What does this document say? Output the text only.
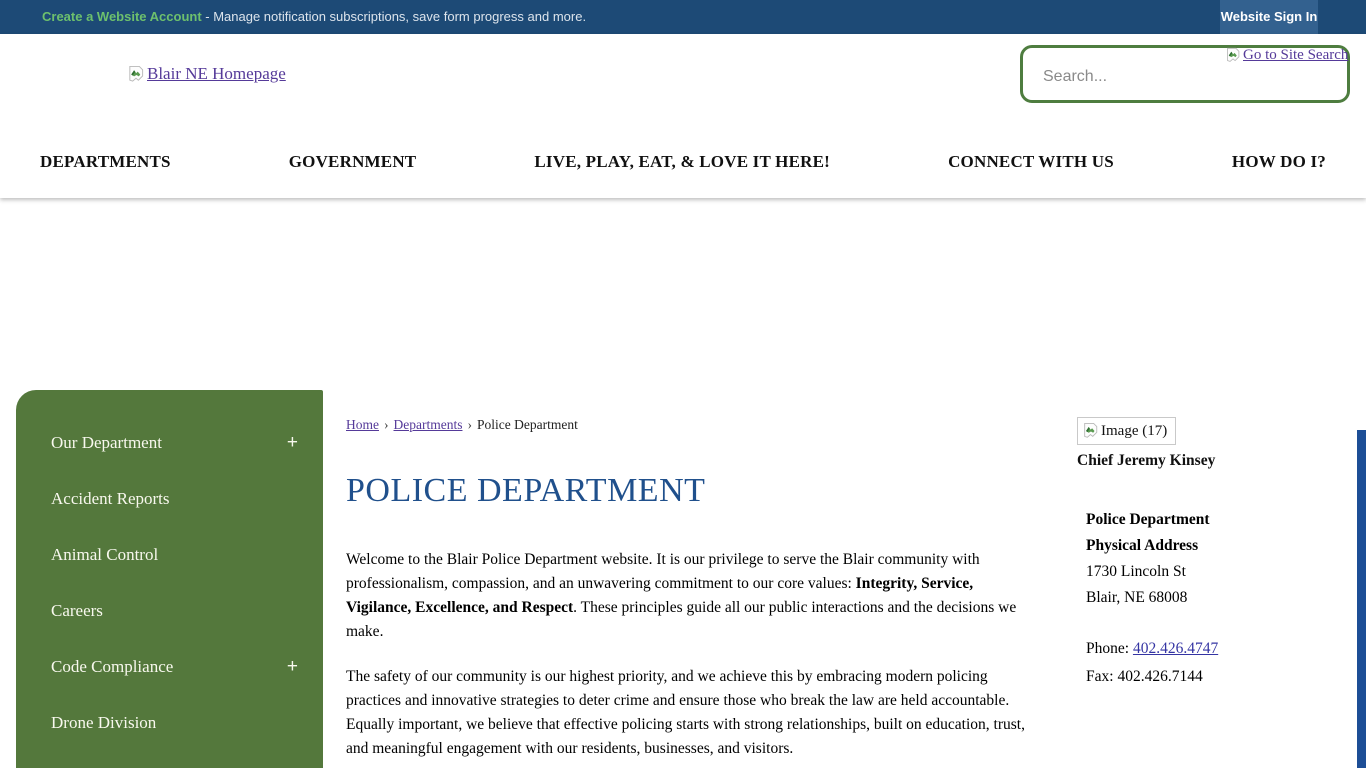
Create a Website Account - Manage notification subscriptions, save form progress and more.	Website Sign In
Blair NE Homepage
Search...
Go to Site Search
DEPARTMENTS	GOVERNMENT	LIVE, PLAY, EAT, & LOVE IT HERE!	CONNECT WITH US	HOW DO I?
Our Department	+
Accident Reports
Animal Control
Careers
Code Compliance	+
Drone Division
Home › Departments › Police Department
POLICE DEPARTMENT

Welcome to the Blair Police Department website. It is our privilege to serve the Blair community with professionalism, compassion, and an unwavering commitment to our core values: Integrity, Service, Vigilance, Excellence, and Respect. These principles guide all our public interactions and the decisions we make.

The safety of our community is our highest priority, and we achieve this by embracing modern policing practices and innovative strategies to deter crime and ensure those who break the law are held accountable. Equally important, we believe that effective policing starts with strong relationships, built on education, trust, and meaningful engagement with our residents, businesses, and visitors.

Image (17)
Chief Jeremy Kinsey
Police Department
Physical Address
1730 Lincoln St
Blair, NE 68008
Phone: 402.426.4747
Fax: 402.426.7144
